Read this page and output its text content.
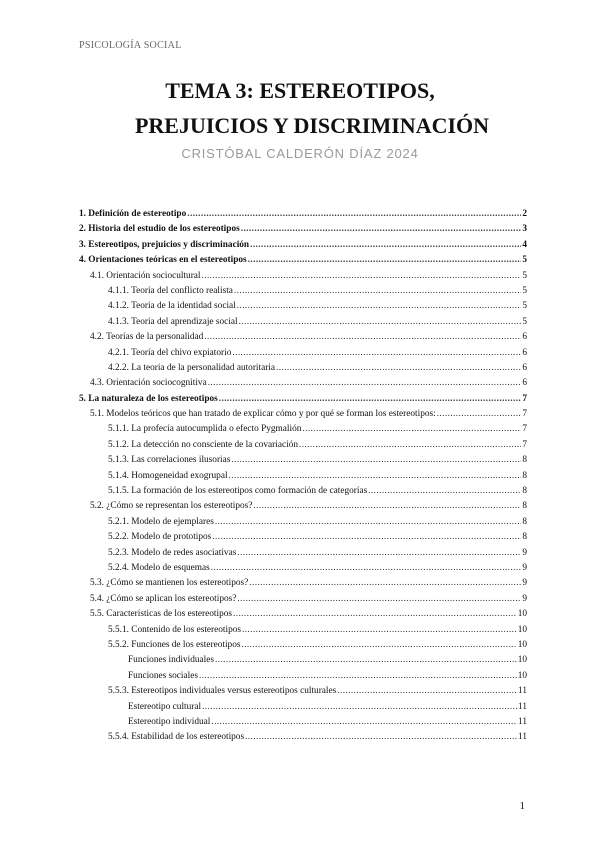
PSICOLOGÍA SOCIAL
TEMA 3: ESTEREOTIPOS,
PREJUICIOS Y DISCRIMINACIÓN
CRISTÓBAL CALDERÓN DÍAZ 2024
1. Definición de estereotipo .....	2
2. Historia del estudio de los estereotipos .....	3
3. Estereotipos, prejuicios y discriminación .....	4
4. Orientaciones teóricas en el estereotipos .....	5
4.1. Orientación sociocultural .....	5
4.1.1. Teoría del conflicto realista .....	5
4.1.2. Teoría de la identidad social .....	5
4.1.3. Teoría del aprendizaje social .....	5
4.2. Teorías de la personalidad .....	6
4.2.1. Teoría del chivo expiatorio .....	6
4.2.2. La teoría de la personalidad autoritaria .....	6
4.3. Orientación sociocognitiva .....	6
5. La naturaleza de los estereotipos .....	7
5.1. Modelos teóricos que han tratado de explicar cómo y por qué se forman los estereotipos: .....	7
5.1.1. La profecía autocumplida o efecto Pygmalión .....	7
5.1.2. La detección no consciente de la covariación .....	7
5.1.3. Las correlaciones ilusorias .....	8
5.1.4. Homogeneidad exogrupal .....	8
5.1.5. La formación de los estereotipos como formación de categorías .....	8
5.2. ¿Cómo se representan los estereotipos? .....	8
5.2.1. Modelo de ejemplares .....	8
5.2.2. Modelo de prototipos .....	8
5.2.3. Modelo de redes asociativas .....	9
5.2.4. Modelo de esquemas .....	9
5.3. ¿Cómo se mantienen los estereotipos? .....	9
5.4. ¿Cómo se aplican los estereotipos? .....	9
5.5. Características de los estereotipos .....	10
5.5.1. Contenido de los estereotipos .....	10
5.5.2. Funciones de los estereotipos .....	10
Funciones individuales .....	10
Funciones sociales .....	10
5.5.3. Estereotipos individuales versus estereotipos culturales .....	11
Estereotipo cultural .....	11
Estereotipo individual .....	11
5.5.4. Estabilidad de los estereotipos .....	11
1
